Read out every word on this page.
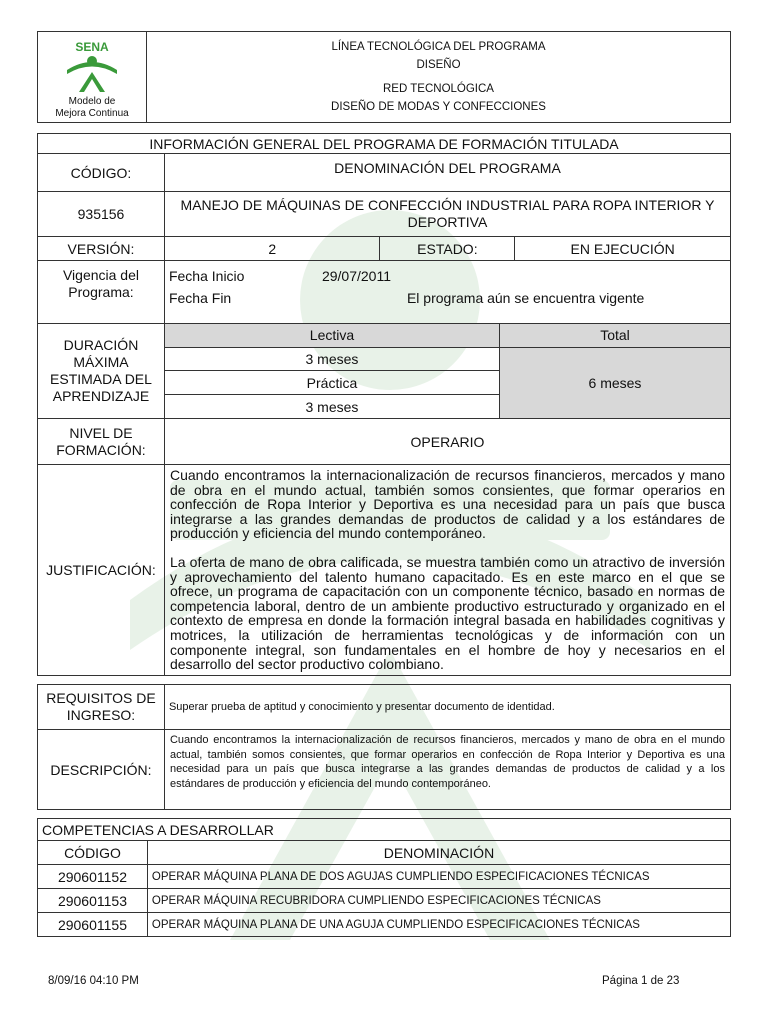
SENA
Modelo de
Mejora Continua

LÍNEA TECNOLÓGICA DEL PROGRAMA
DISEÑO
RED TECNOLÓGICA
DISEÑO DE MODAS Y CONFECCIONES
INFORMACIÓN GENERAL DEL PROGRAMA DE FORMACIÓN TITULADA
CÓDIGO:	DENOMINACIÓN DEL PROGRAMA
935156	MANEJO DE MÁQUINAS DE CONFECCIÓN INDUSTRIAL PARA ROPA INTERIOR Y DEPORTIVA
VERSIÓN:	2	ESTADO:	EN EJECUCIÓN
Vigencia del Programa:	
Fecha Inicio	29/07/2011
Fecha Fin	El programa aún se encuentra vigente

DURACIÓN MÁXIMA ESTIMADA DEL APRENDIZAJE	
Lectiva	Total
3 meses	6 meses
Práctica
3 meses

NIVEL DE FORMACIÓN:	OPERARIO
JUSTIFICACIÓN:	
Cuando encontramos la internacionalización de recursos financieros, mercados y mano de obra en el mundo actual, también somos consientes, que formar operarios en confección de Ropa Interior y Deportiva es una necesidad para un país que busca integrarse a las grandes demandas de productos de calidad y a los estándares de producción y eficiencia del mundo contemporáneo.
La oferta de mano de obra calificada, se muestra también como un atractivo de inversión y aprovechamiento del talento humano capacitado. Es en este marco en el que se ofrece, un programa de capacitación con un componente técnico, basado en normas de competencia laboral, dentro de un ambiente productivo estructurado y organizado en el contexto de empresa en donde la formación integral basada en habilidades cognitivas y motrices, la utilización de herramientas tecnológicas y de información con un componente integral, son fundamentales en el hombre de hoy y necesarios en el desarrollo del sector productivo colombiano.
REQUISITOS DE INGRESO:	Superar prueba de aptitud y conocimiento y presentar documento de identidad.
DESCRIPCIÓN:	Cuando encontramos la internacionalización de recursos financieros, mercados y mano de obra en el mundo actual, también somos consientes, que formar operarios en confección de Ropa Interior y Deportiva es una necesidad para un país que busca integrarse a las grandes demandas de productos de calidad y a los estándares de producción y eficiencia del mundo contemporáneo.
COMPETENCIAS A DESARROLLAR	
CÓDIGO	DENOMINACIÓN
290601152	OPERAR MÁQUINA PLANA DE DOS AGUJAS CUMPLIENDO ESPECIFICACIONES TÉCNICAS
290601153	OPERAR MÁQUINA RECUBRIDORA CUMPLIENDO ESPECIFICACIONES TÉCNICAS
290601155	OPERAR MÁQUINA PLANA DE UNA AGUJA CUMPLIENDO ESPECIFICACIONES TÉCNICAS
8/09/16 04:10 PM	Página 1 de 23
